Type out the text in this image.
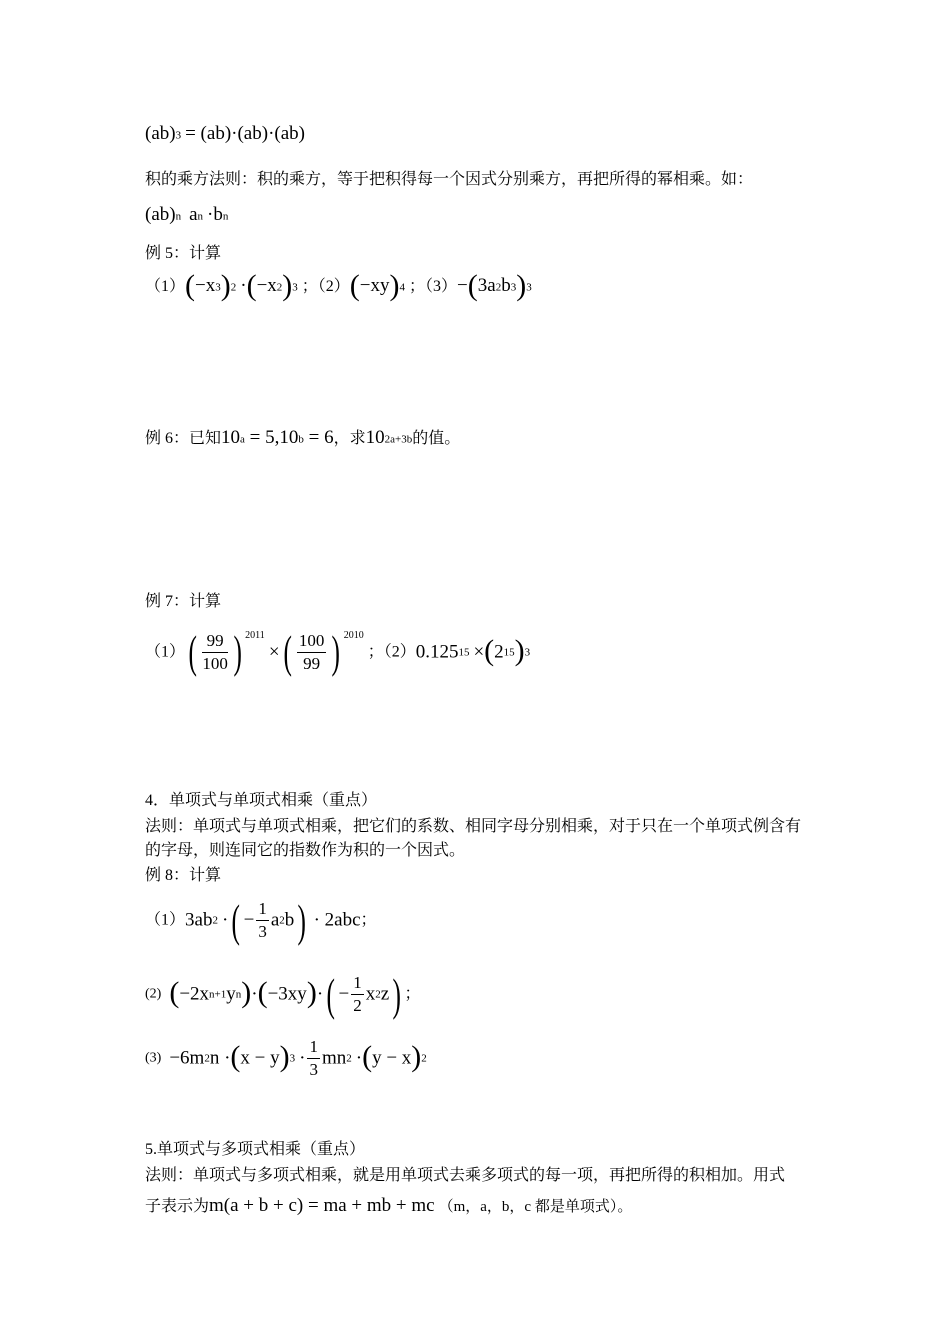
(ab)3 = (ab)·(ab)·(ab)
积的乘方法则：积的乘方，等于把积得每一个因式分别乘方，再把所得的幂相乘。如：
(ab)n an ·bn
例 5：计算
（1）(−x3)2 ·(−x2)3 ；（2）(−xy)4 ；（3）−(3a2b3)3
例 6：已知10a = 5,10b = 6，求102a+3b的值。
例 7：计算
$(1)( \frac{99}{100}$ ) $^{2011}$ ×( $\frac{100}{99}$ ) $^{2010}$ ；（2）0.12515 ×(215)3
4．单项式与单项式相乘（重点）
法则：单项式与单项式相乘，把它们的系数、相同字母分别相乘，对于只在一个单项式例含有的字母，则连同它的指数作为积的一个因式。
例 8：计算
（1）3ab2 ·( − $\frac{1}{3} a2b) \cdot 2abc$；
(2) $(-2xn+1yn)\cdot(-3xy)\cdot( - \frac{1}{2} x2z)$ ；
$(3) -6m2n \cdot(x - y)3 \cdot \frac{1}{3} mn2 \cdot(y - x)2$
5.单项式与多项式相乘（重点）
法则：单项式与多项式相乘，就是用单项式去乘多项式的每一项，再把所得的积相加。用式
子表示为m(a + b + c) = ma + mb + mc （m，a，b，c 都是单项式）。
